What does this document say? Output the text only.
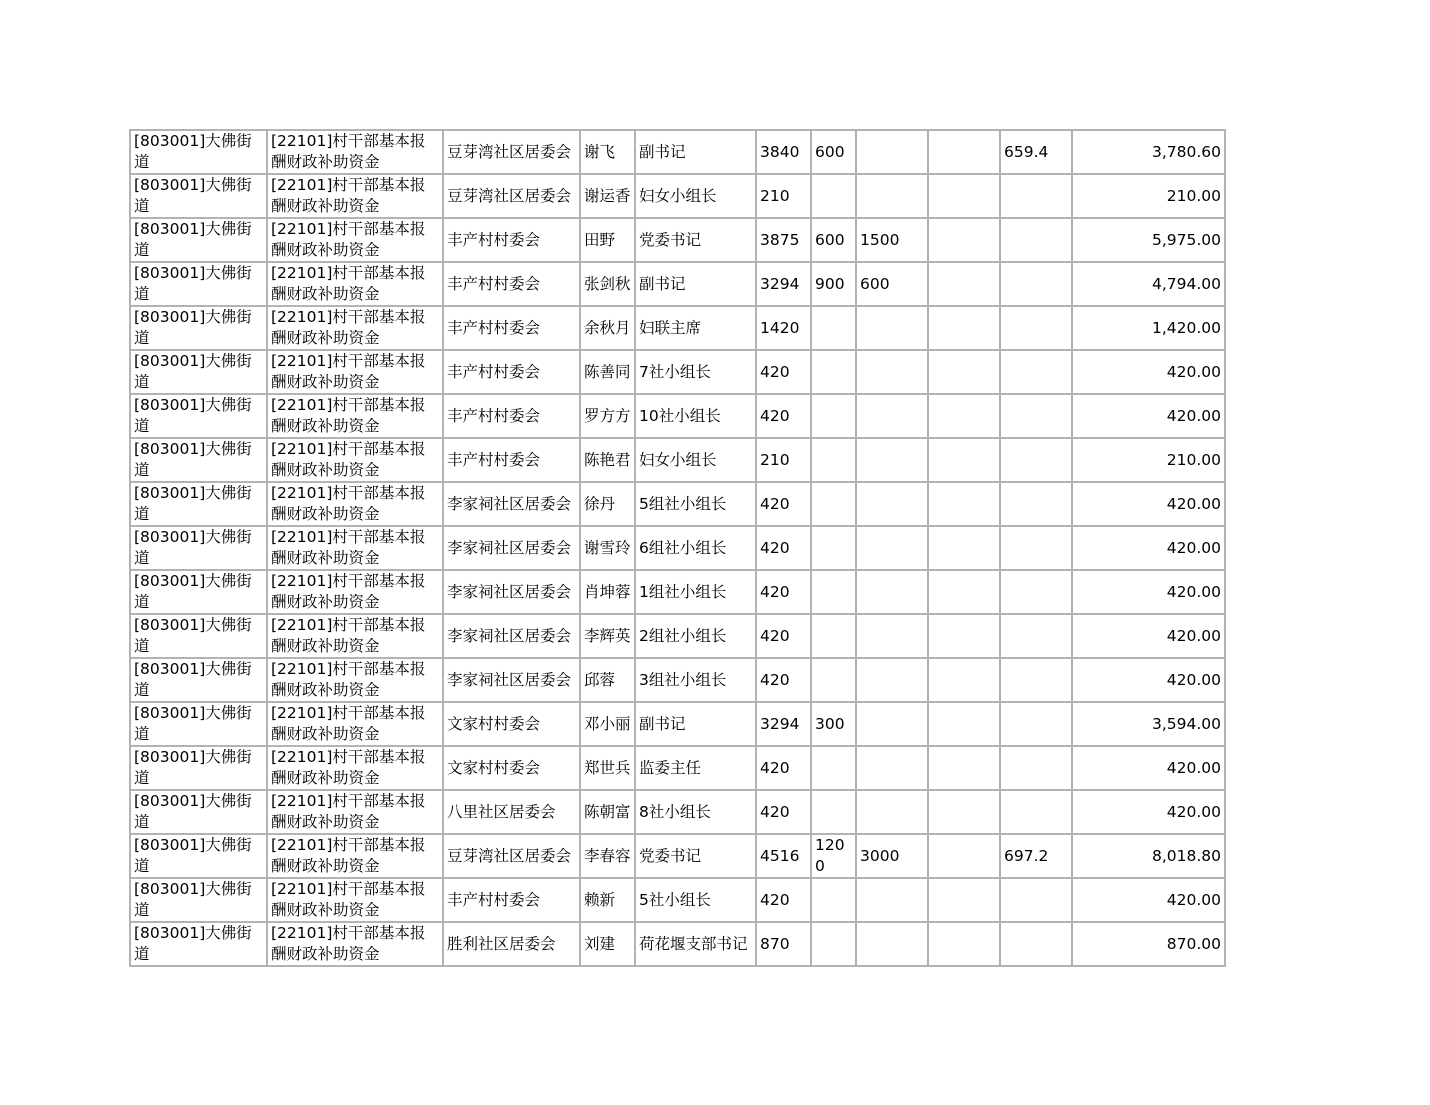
[803001]大佛街道	[22101]村干部基本报酬财政补助资金	豆芽湾社区居委会	谢飞	副书记	3840	600			659.4	3,780.60
[803001]大佛街道	[22101]村干部基本报酬财政补助资金	豆芽湾社区居委会	谢运香	妇女小组长	210					210.00
[803001]大佛街道	[22101]村干部基本报酬财政补助资金	丰产村村委会	田野	党委书记	3875	600	1500			5,975.00
[803001]大佛街道	[22101]村干部基本报酬财政补助资金	丰产村村委会	张剑秋	副书记	3294	900	600			4,794.00
[803001]大佛街道	[22101]村干部基本报酬财政补助资金	丰产村村委会	余秋月	妇联主席	1420					1,420.00
[803001]大佛街道	[22101]村干部基本报酬财政补助资金	丰产村村委会	陈善同	7社小组长	420					420.00
[803001]大佛街道	[22101]村干部基本报酬财政补助资金	丰产村村委会	罗方方	10社小组长	420					420.00
[803001]大佛街道	[22101]村干部基本报酬财政补助资金	丰产村村委会	陈艳君	妇女小组长	210					210.00
[803001]大佛街道	[22101]村干部基本报酬财政补助资金	李家祠社区居委会	徐丹	5组社小组长	420					420.00
[803001]大佛街道	[22101]村干部基本报酬财政补助资金	李家祠社区居委会	谢雪玲	6组社小组长	420					420.00
[803001]大佛街道	[22101]村干部基本报酬财政补助资金	李家祠社区居委会	肖坤蓉	1组社小组长	420					420.00
[803001]大佛街道	[22101]村干部基本报酬财政补助资金	李家祠社区居委会	李辉英	2组社小组长	420					420.00
[803001]大佛街道	[22101]村干部基本报酬财政补助资金	李家祠社区居委会	邱蓉	3组社小组长	420					420.00
[803001]大佛街道	[22101]村干部基本报酬财政补助资金	文家村村委会	邓小丽	副书记	3294	300				3,594.00
[803001]大佛街道	[22101]村干部基本报酬财政补助资金	文家村村委会	郑世兵	监委主任	420					420.00
[803001]大佛街道	[22101]村干部基本报酬财政补助资金	八里社区居委会	陈朝富	8社小组长	420					420.00
[803001]大佛街道	[22101]村干部基本报酬财政补助资金	豆芽湾社区居委会	李春容	党委书记	4516	1200	3000		697.2	8,018.80
[803001]大佛街道	[22101]村干部基本报酬财政补助资金	丰产村村委会	赖新	5社小组长	420					420.00
[803001]大佛街道	[22101]村干部基本报酬财政补助资金	胜利社区居委会	刘建	荷花堰支部书记	870					870.00
